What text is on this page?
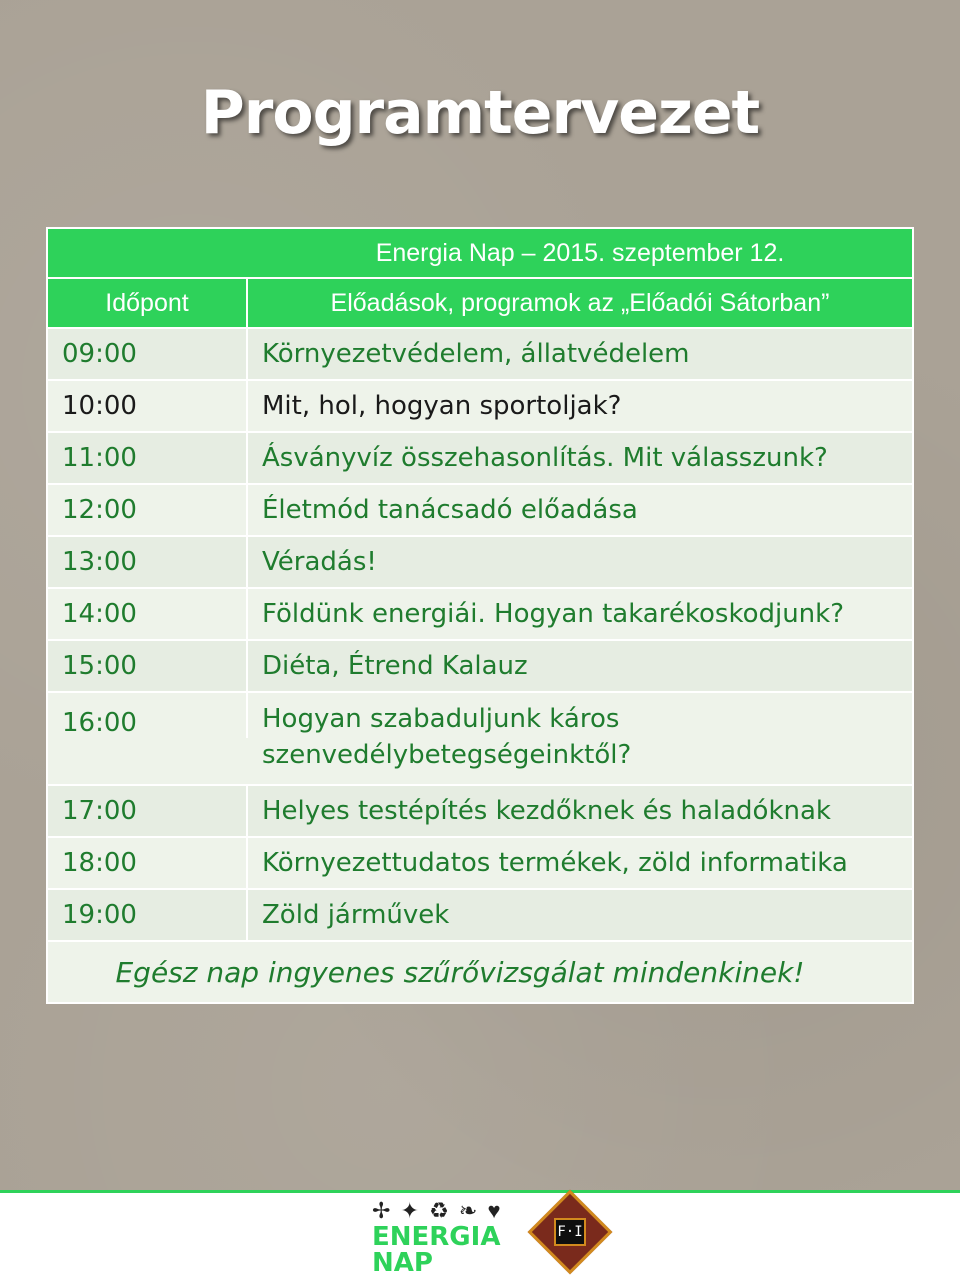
Programtervezet
Energia Nap – 2015. szeptember 12.
Időpont	Előadások, programok az „Előadói Sátorban”
09:00	Környezetvédelem, állatvédelem
10:00	Mit, hol, hogyan sportoljak?
11:00	Ásványvíz összehasonlítás. Mit válasszunk?
12:00	Életmód tanácsadó előadása
13:00	Véradás!
14:00	Földünk energiái. Hogyan takarékoskodjunk?
15:00	Diéta, Étrend Kalauz
16:00	Hogyan szabaduljunk káros szenvedélybetegségeinktől?
17:00	Helyes testépítés kezdőknek és haladóknak
18:00	Környezettudatos termékek, zöld informatika
19:00	Zöld járművek
Egész nap ingyenes szűrővizsgálat mindenkinek!
✢ ✦ ♻ ❧ ♥
ENERGIA
NAP
F·I
